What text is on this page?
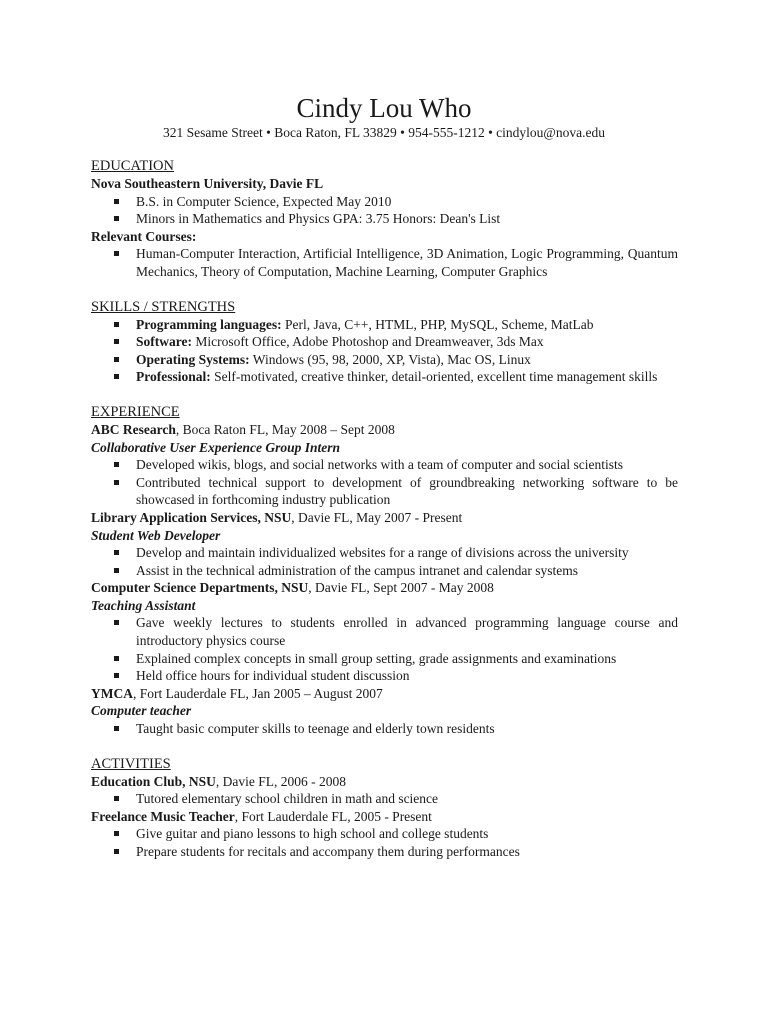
Cindy Lou Who
321 Sesame Street • Boca Raton, FL 33829 • 954-555-1212 • cindylou@nova.edu
EDUCATION
Nova Southeastern University, Davie FL
B.S. in Computer Science, Expected May 2010
Minors in Mathematics and Physics GPA: 3.75 Honors: Dean's List
Relevant Courses:
Human-Computer Interaction, Artificial Intelligence, 3D Animation, Logic Programming, Quantum Mechanics, Theory of Computation, Machine Learning, Computer Graphics
SKILLS / STRENGTHS
Programming languages: Perl, Java, C++, HTML, PHP, MySQL, Scheme, MatLab
Software: Microsoft Office, Adobe Photoshop and Dreamweaver, 3ds Max
Operating Systems: Windows (95, 98, 2000, XP, Vista), Mac OS, Linux
Professional: Self-motivated, creative thinker, detail-oriented, excellent time management skills
EXPERIENCE
ABC Research, Boca Raton FL, May 2008 – Sept 2008
Collaborative User Experience Group Intern
Developed wikis, blogs, and social networks with a team of computer and social scientists
Contributed technical support to development of groundbreaking networking software to be showcased in forthcoming industry publication
Library Application Services, NSU, Davie FL, May 2007 - Present
Student Web Developer
Develop and maintain individualized websites for a range of divisions across the university
Assist in the technical administration of the campus intranet and calendar systems
Computer Science Departments, NSU, Davie FL, Sept 2007 - May 2008
Teaching Assistant
Gave weekly lectures to students enrolled in advanced programming language course and introductory physics course
Explained complex concepts in small group setting, grade assignments and examinations
Held office hours for individual student discussion
YMCA, Fort Lauderdale FL, Jan 2005 – August 2007
Computer teacher
Taught basic computer skills to teenage and elderly town residents
ACTIVITIES
Education Club, NSU, Davie FL, 2006 - 2008
Tutored elementary school children in math and science
Freelance Music Teacher, Fort Lauderdale FL, 2005 - Present
Give guitar and piano lessons to high school and college students
Prepare students for recitals and accompany them during performances
